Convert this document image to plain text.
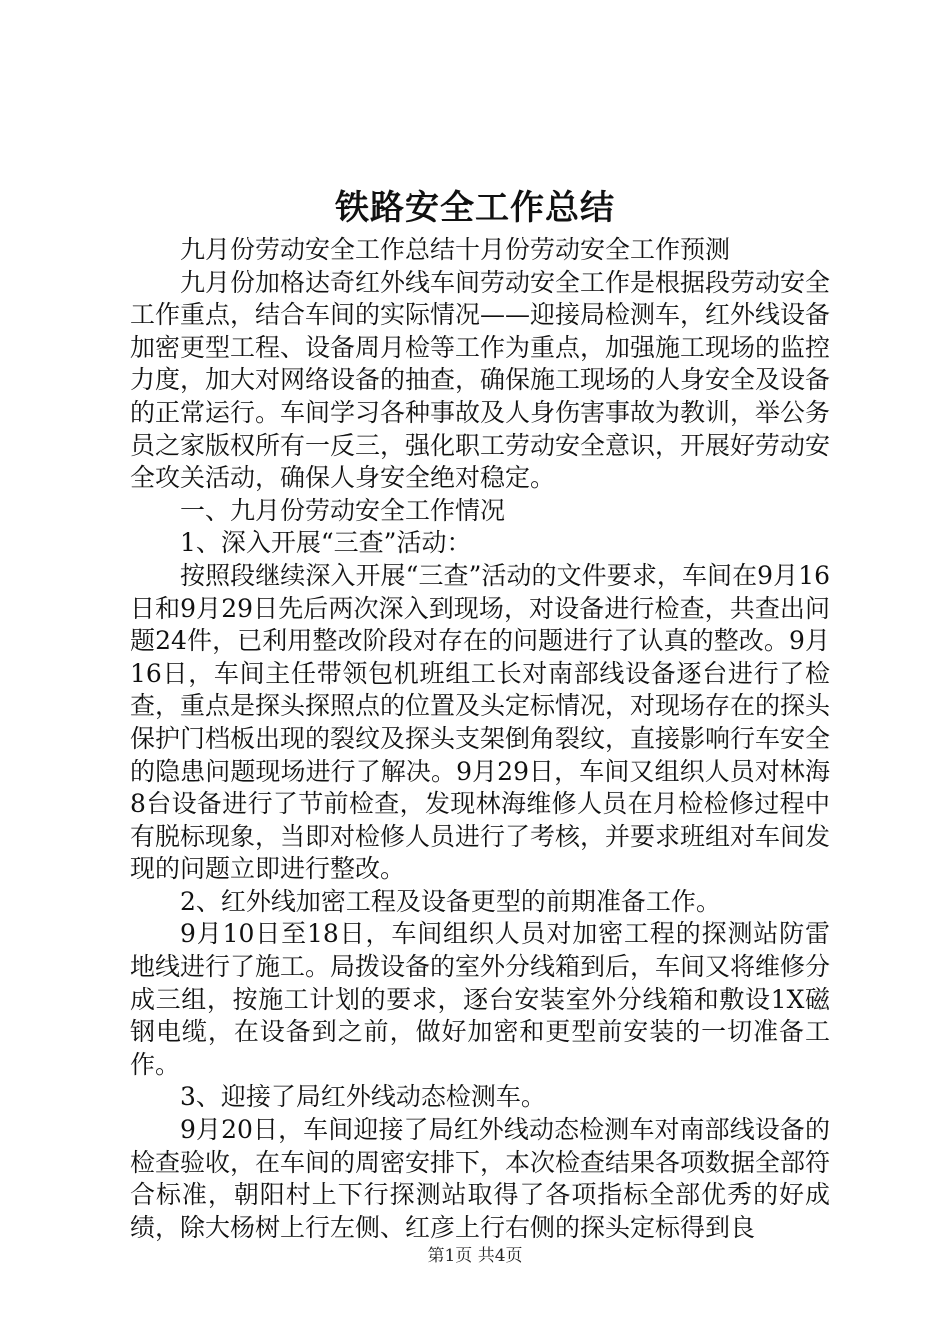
铁路安全工作总结

九月份劳动安全工作总结十月份劳动安全工作预测

九月份加格达奇红外线车间劳动安全工作是根据段劳动安全工作重点，结合车间的实际情况——迎接局检测车，红外线设备加密更型工程、设备周月检等工作为重点，加强施工现场的监控力度，加大对网络设备的抽查，确保施工现场的人身安全及设备的正常运行。车间学习各种事故及人身伤害事故为教训，举公务员之家版权所有一反三，强化职工劳动安全意识，开展好劳动安全攻关活动，确保人身安全绝对稳定。

一、九月份劳动安全工作情况

1、深入开展“三查”活动：

按照段继续深入开展“三查”活动的文件要求，车间在9月16日和9月29日先后两次深入到现场，对设备进行检查，共查出问题24件，已利用整改阶段对存在的问题进行了认真的整改。9月16日，车间主任带领包机班组工长对南部线设备逐台进行了检查，重点是探头探照点的位置及头定标情况，对现场存在的探头保护门档板出现的裂纹及探头支架倒角裂纹，直接影响行车安全的隐患问题现场进行了解决。9月29日，车间又组织人员对林海8台设备进行了节前检查，发现林海维修人员在月检检修过程中有脱标现象，当即对检修人员进行了考核，并要求班组对车间发现的问题立即进行整改。

2、红外线加密工程及设备更型的前期准备工作。

9月10日至18日，车间组织人员对加密工程的探测站防雷地线进行了施工。局拨设备的室外分线箱到后，车间又将维修分成三组，按施工计划的要求，逐台安装室外分线箱和敷设1X磁钢电缆，在设备到之前，做好加密和更型前安装的一切准备工作。

3、迎接了局红外线动态检测车。

9月20日，车间迎接了局红外线动态检测车对南部线设备的检查验收，在车间的周密安排下，本次检查结果各项数据全部符合标准，朝阳村上下行探测站取得了各项指标全部优秀的好成绩，除大杨树上行左侧、红彦上行右侧的探头定标得到良

第1页 共4页
